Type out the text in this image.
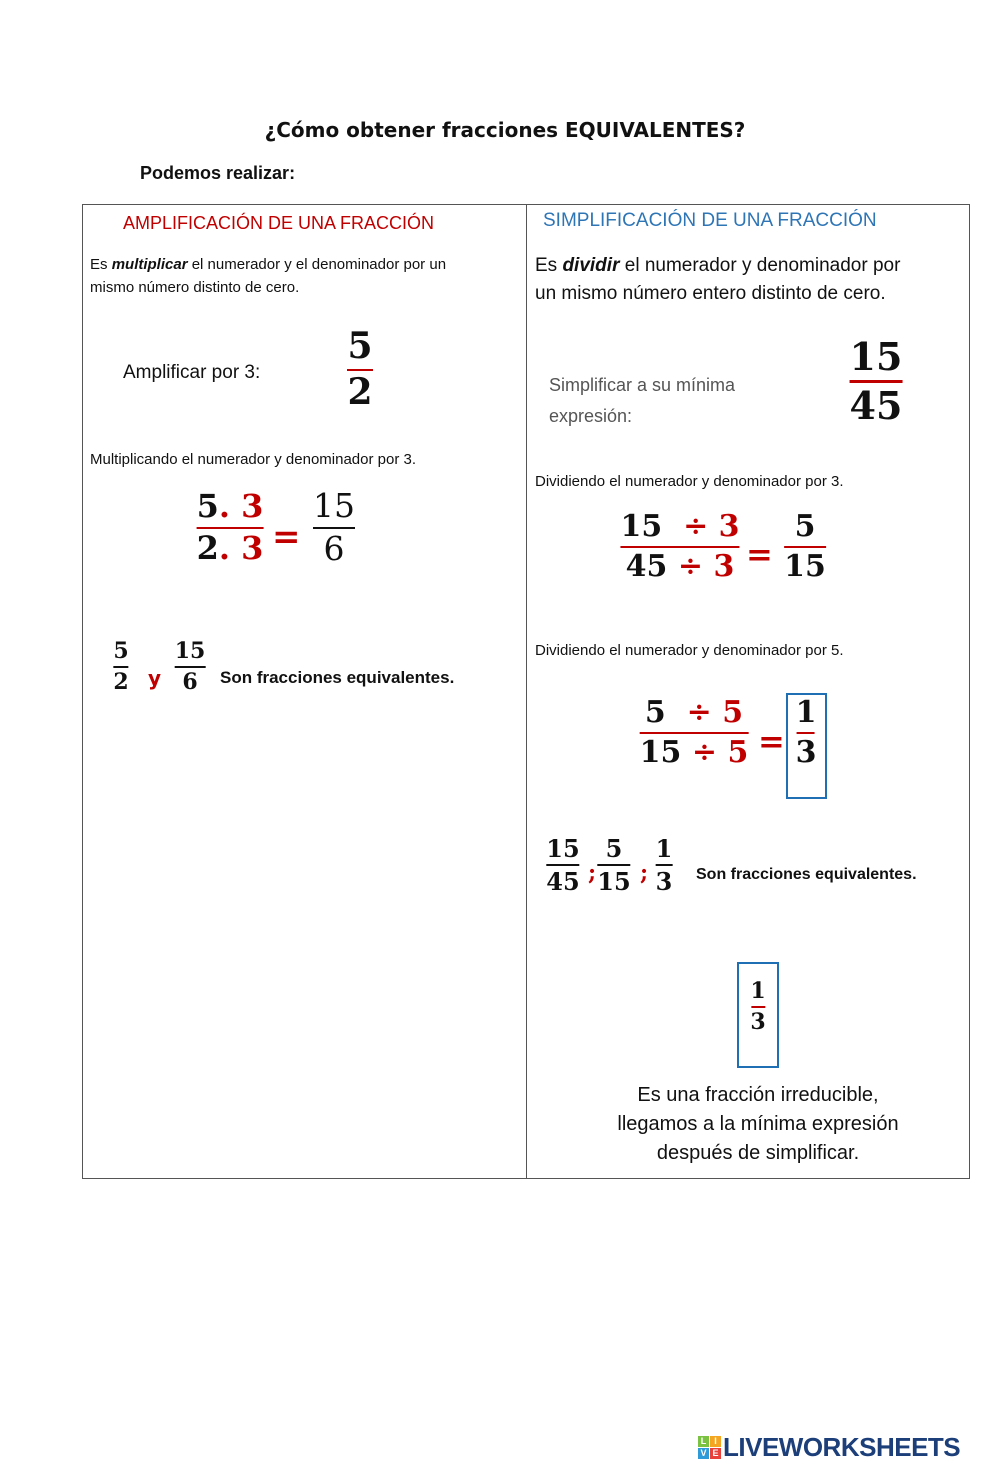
¿Cómo obtener fracciones EQUIVALENTES?
Podemos realizar:
AMPLIFICACIÓN DE UNA FRACCIÓN
Es multiplicar el numerador y el denominador por un
mismo número distinto de cero.
Amplificar por 3:
5
2
Multiplicando el numerador y denominador por 3.
5. 3
2. 3 =
15
6
5
2 y
15
6 Son fracciones equivalentes.
SIMPLIFICACIÓN DE UNA FRACCIÓN
Es dividir el numerador y denominador por
un mismo número entero distinto de cero.
Simplificar a su mínima
expresión:
15
45
Dividiendo el numerador y denominador por 3.
15 ÷ 3
45 ÷ 3 =
5
15
Dividiendo el numerador y denominador por 5.
5 ÷ 5
15 ÷ 5 =
1
3
15
45 ;
5
15 ;
1
3 Son fracciones equivalentes.
1
3
Es una fracción irreducible,
llegamos a la mínima expresión
después de simplificar.
L I
V E LIVEWORKSHEETS
